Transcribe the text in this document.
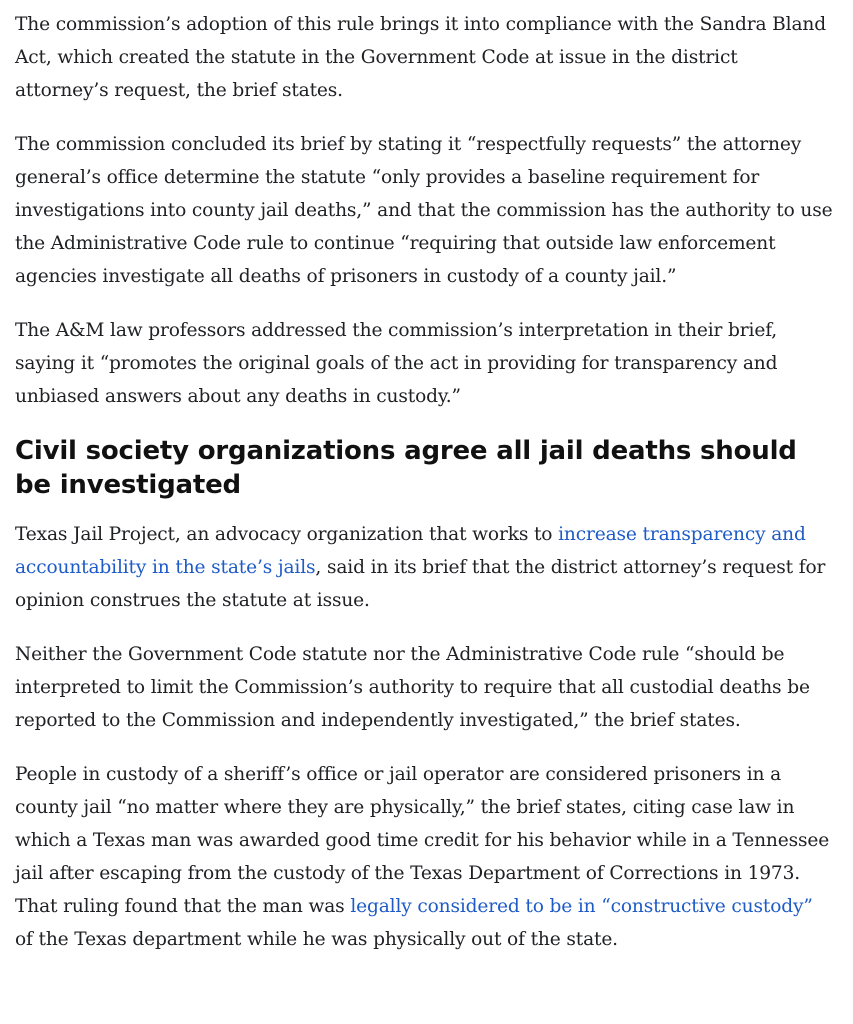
The commission’s adoption of this rule brings it into compliance with the Sandra Bland Act, which created the statute in the Government Code at issue in the district attorney’s request, the brief states.

The commission concluded its brief by stating it “respectfully requests” the attorney general’s office determine the statute “only provides a baseline requirement for investigations into county jail deaths,” and that the commission has the authority to use the Administrative Code rule to continue “requiring that outside law enforcement agencies investigate all deaths of prisoners in custody of a county jail.”

The A&M law professors addressed the commission’s interpretation in their brief, saying it “promotes the original goals of the act in providing for transparency and unbiased answers about any deaths in custody.”

Civil society organizations agree all jail deaths should be investigated

Texas Jail Project, an advocacy organization that works to increase transparency and accountability in the state’s jails, said in its brief that the district attorney’s request for opinion construes the statute at issue.

Neither the Government Code statute nor the Administrative Code rule “should be interpreted to limit the Commission’s authority to require that all custodial deaths be reported to the Commission and independently investigated,” the brief states.

People in custody of a sheriff’s office or jail operator are considered prisoners in a county jail “no matter where they are physically,” the brief states, citing case law in which a Texas man was awarded good time credit for his behavior while in a Tennessee jail after escaping from the custody of the Texas Department of Corrections in 1973. That ruling found that the man was legally considered to be in “constructive custody” of the Texas department while he was physically out of the state.
